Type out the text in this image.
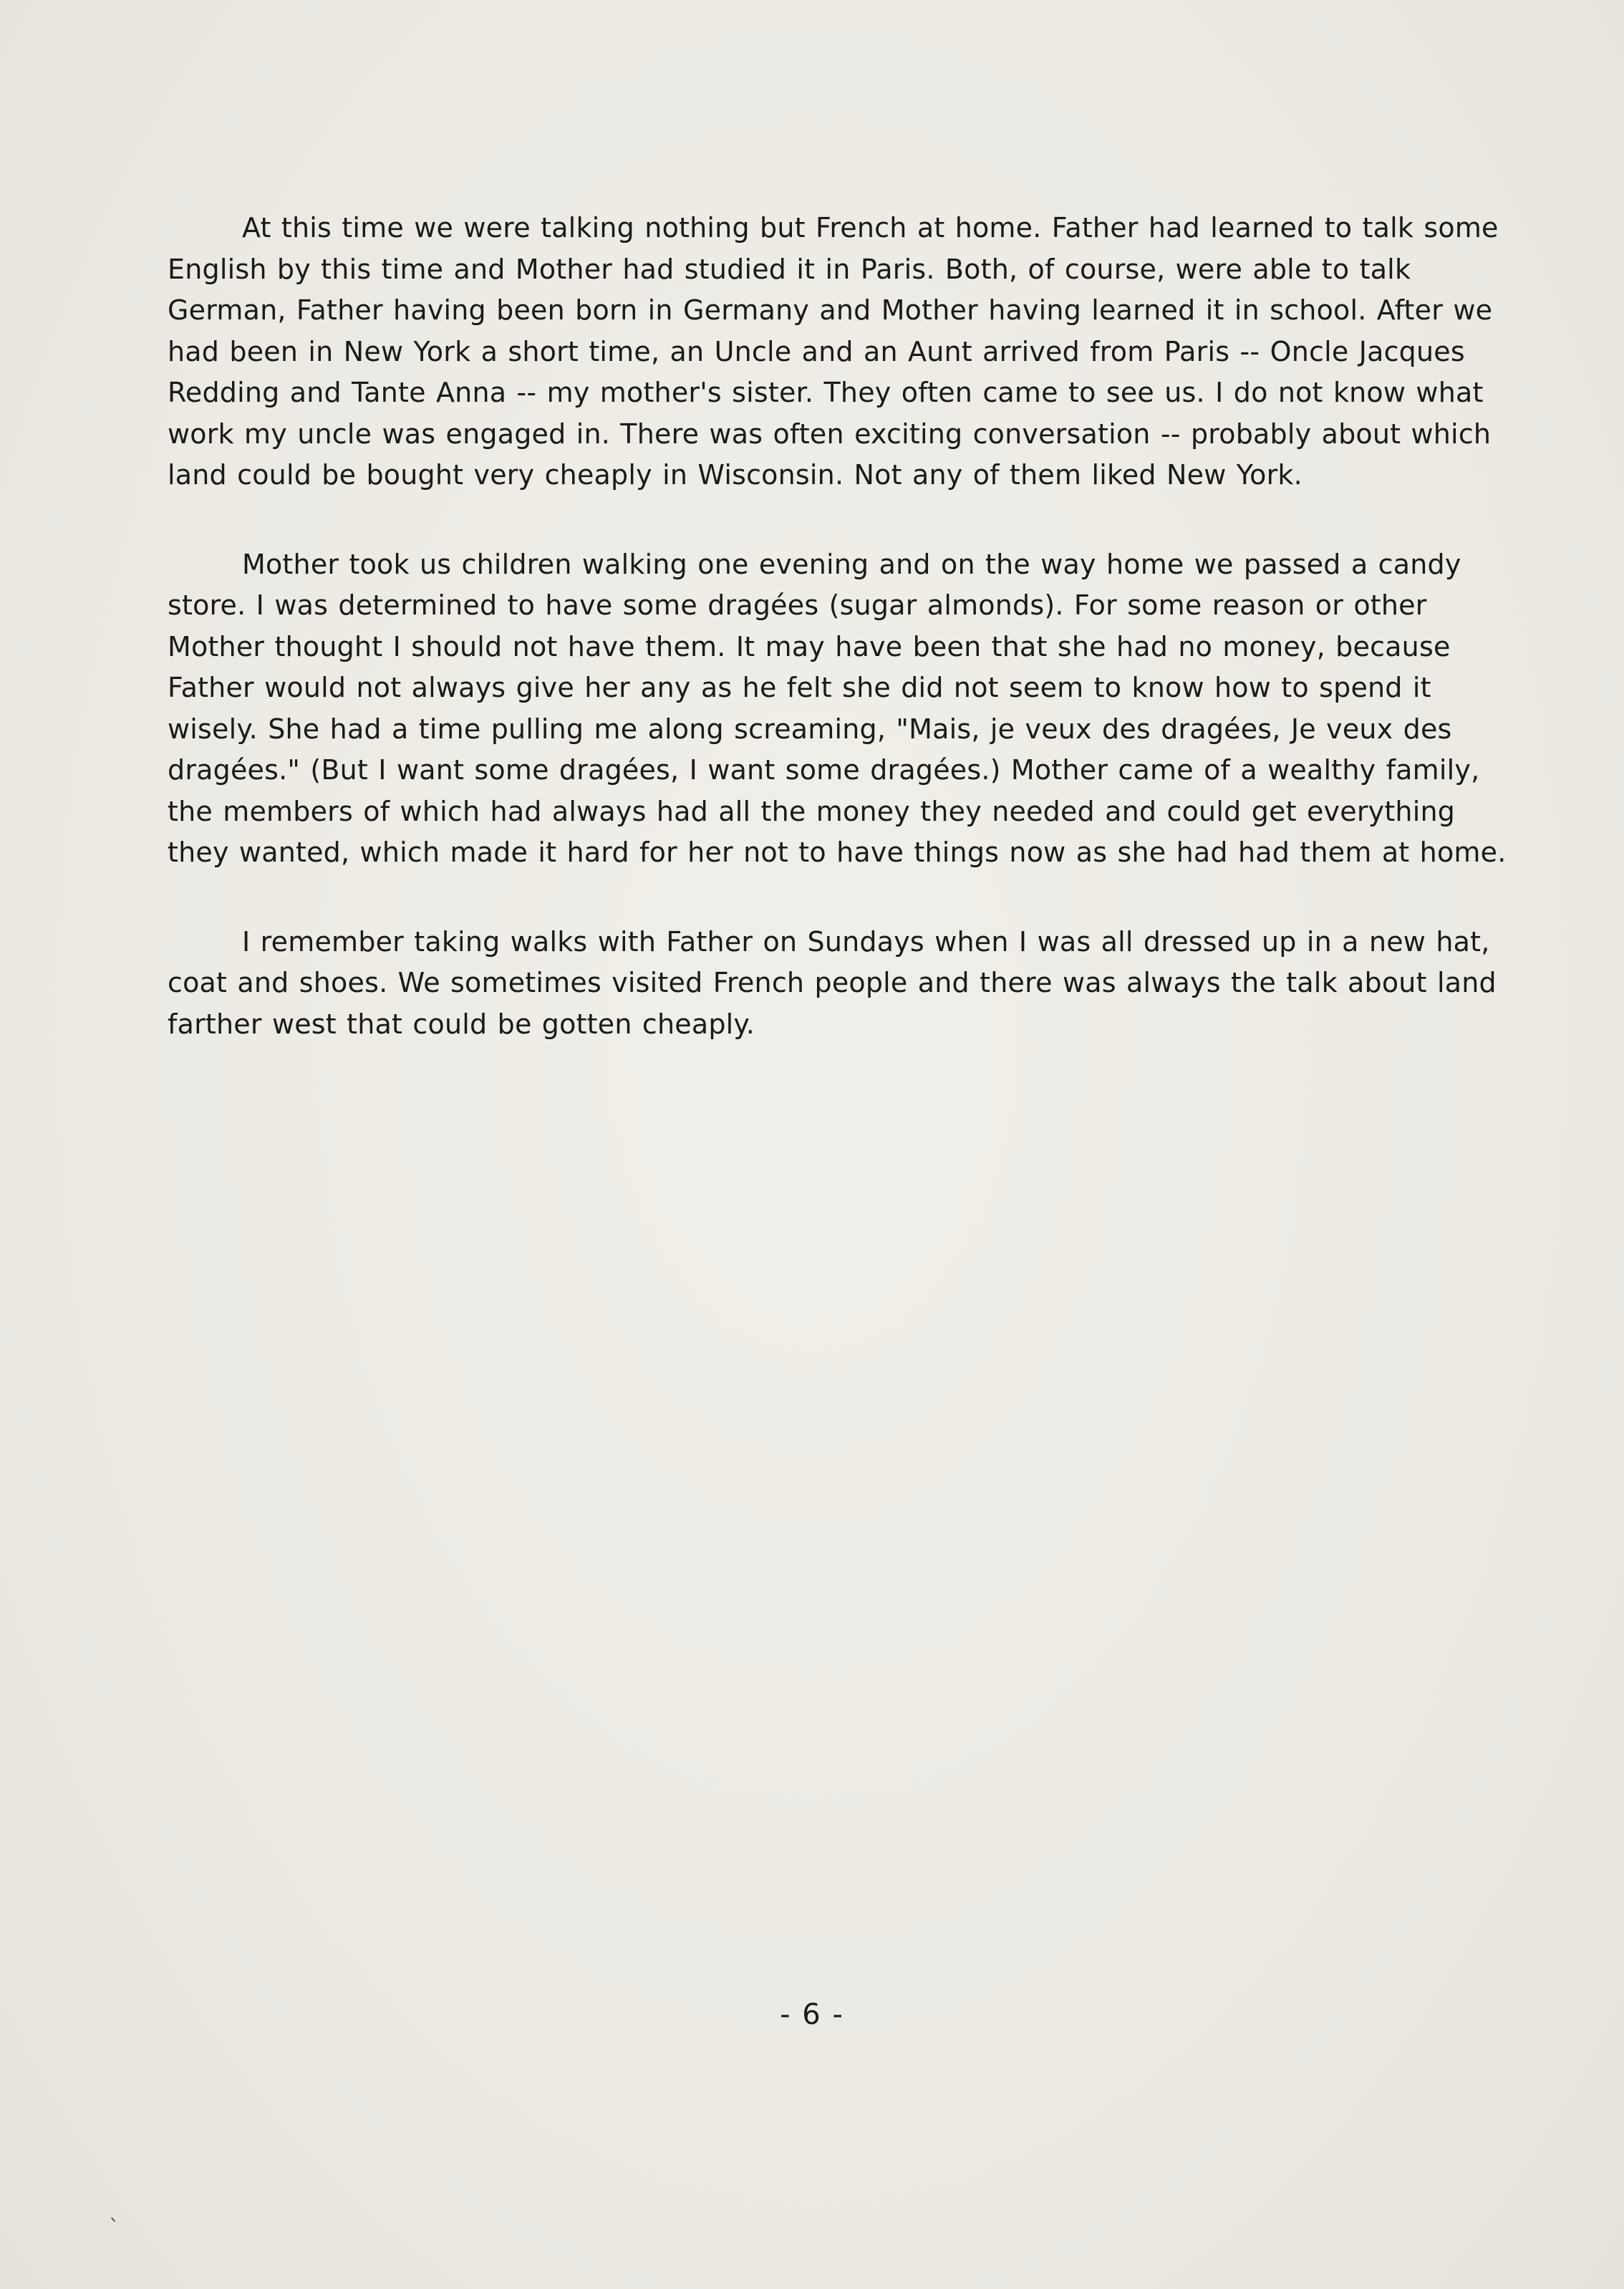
At this time we were talking nothing but French at home. Father had learned to talk some English by this time and Mother had studied it in Paris. Both, of course, were able to talk German, Father having been born in Germany and Mother having learned it in school. After we had been in New York a short time, an Uncle and an Aunt arrived from Paris -- Oncle Jacques Redding and Tante Anna -- my mother's sister. They often came to see us. I do not know what work my uncle was engaged in. There was often exciting conversation -- probably about which land could be bought very cheaply in Wisconsin. Not any of them liked New York.

Mother took us children walking one evening and on the way home we passed a candy store. I was determined to have some dragées (sugar almonds). For some reason or other Mother thought I should not have them. It may have been that she had no money, because Father would not always give her any as he felt she did not seem to know how to spend it wisely. She had a time pulling me along screaming, "Mais, je veux des dragées, Je veux des dragées." (But I want some dragées, I want some dragées.) Mother came of a wealthy family, the members of which had always had all the money they needed and could get everything they wanted, which made it hard for her not to have things now as she had had them at home.

I remember taking walks with Father on Sundays when I was all dressed up in a new hat, coat and shoes. We sometimes visited French people and there was always the talk about land farther west that could be gotten cheaply.

- 6 -
ˎ
